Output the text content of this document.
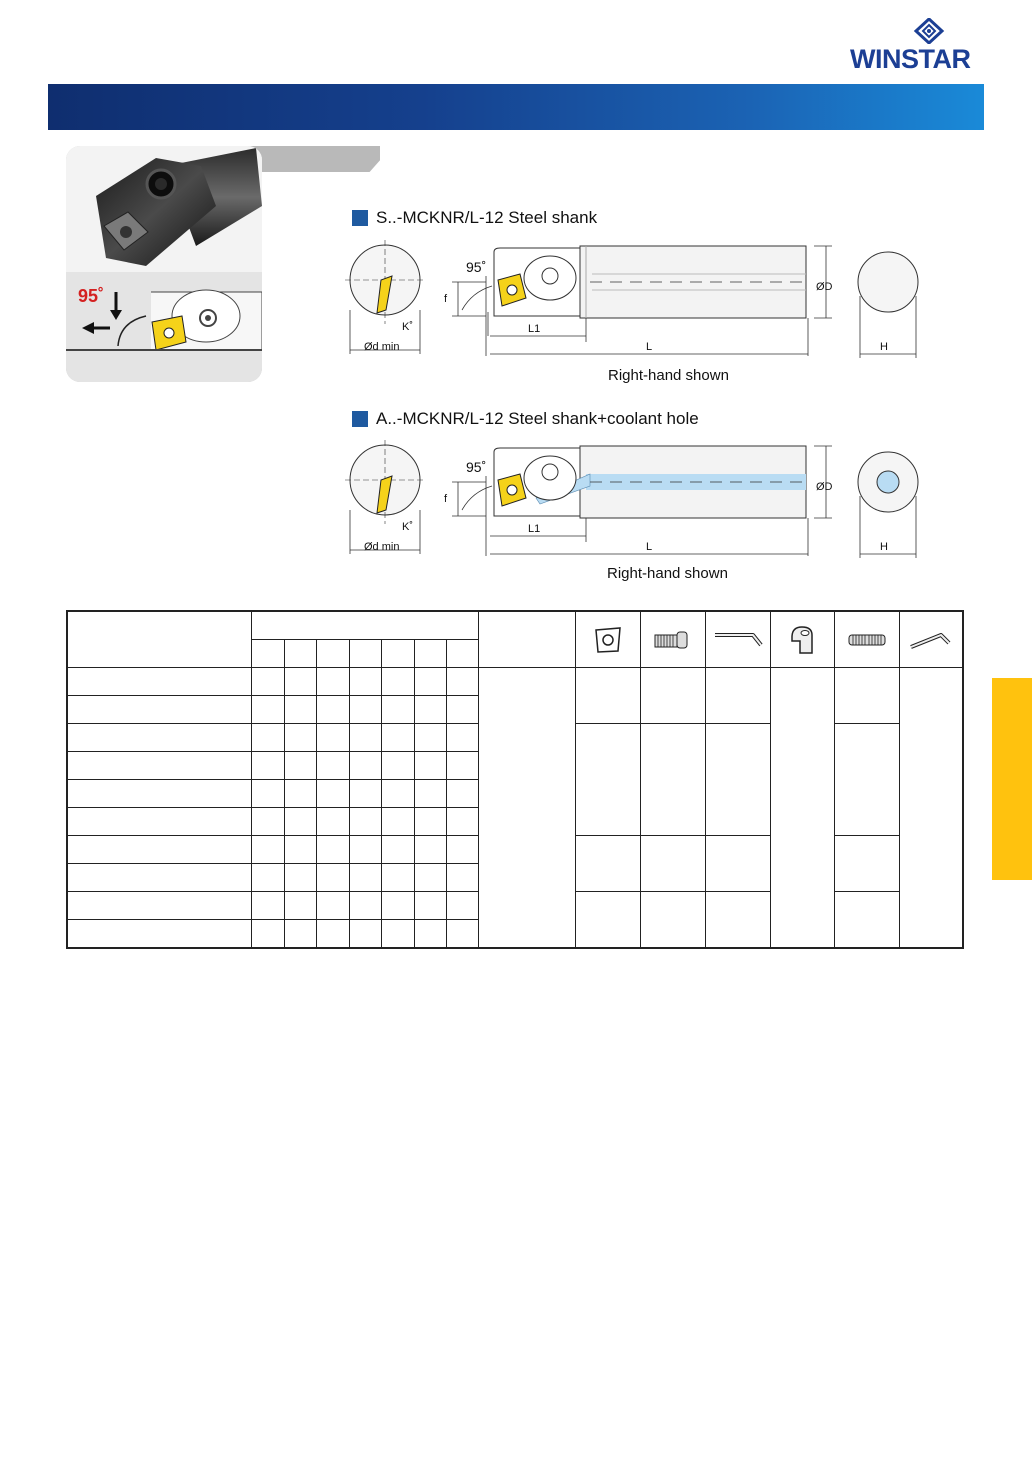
WINSTAR
95˚
S..-MCKNR/L-12 Steel shank
95˚
f
L1
L
ØD
H
K˚
Ød min
Right-hand shown
A..-MCKNR/L-12 Steel shank+coolant hole
95˚
f
L1
L
ØD
H
K˚
Ød min
Right-hand shown
